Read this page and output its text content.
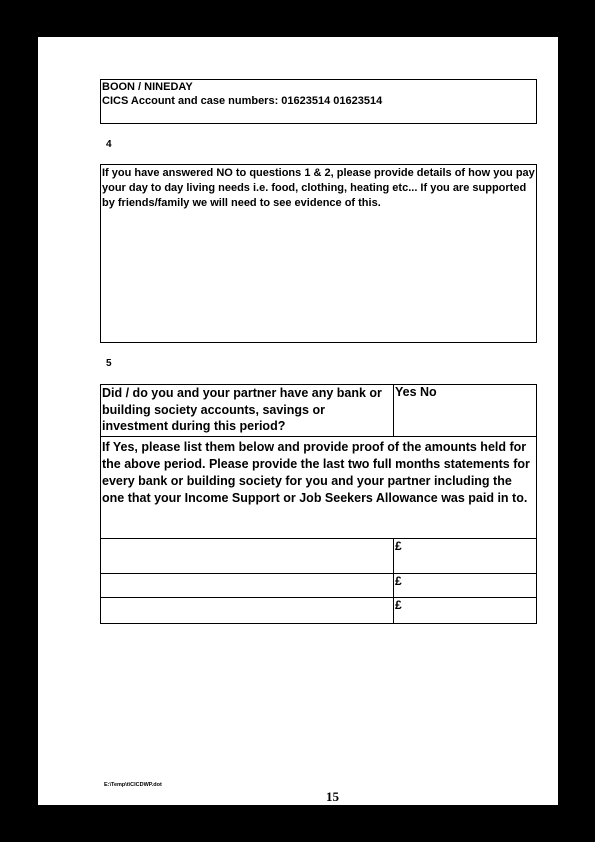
BOON / NINEDAY
CICS Account and case numbers: 01623514 01623514
4
If you have answered NO to questions 1 & 2, please provide details of how you pay your day to day living needs i.e. food, clothing, heating etc... If you are supported by friends/family we will need to see evidence of this.
5
Did / do you and your partner have any bank or building society accounts, savings or investment during this period?	Yes No
If Yes, please list them below and provide proof of the amounts held for the above period. Please provide the last two full months statements for every bank or building society for you and your partner including the one that your Income Support or Job Seekers Allowance was paid in to.	
	£
	£
	£
E:\Temp\t\CICDWP.dot
15
